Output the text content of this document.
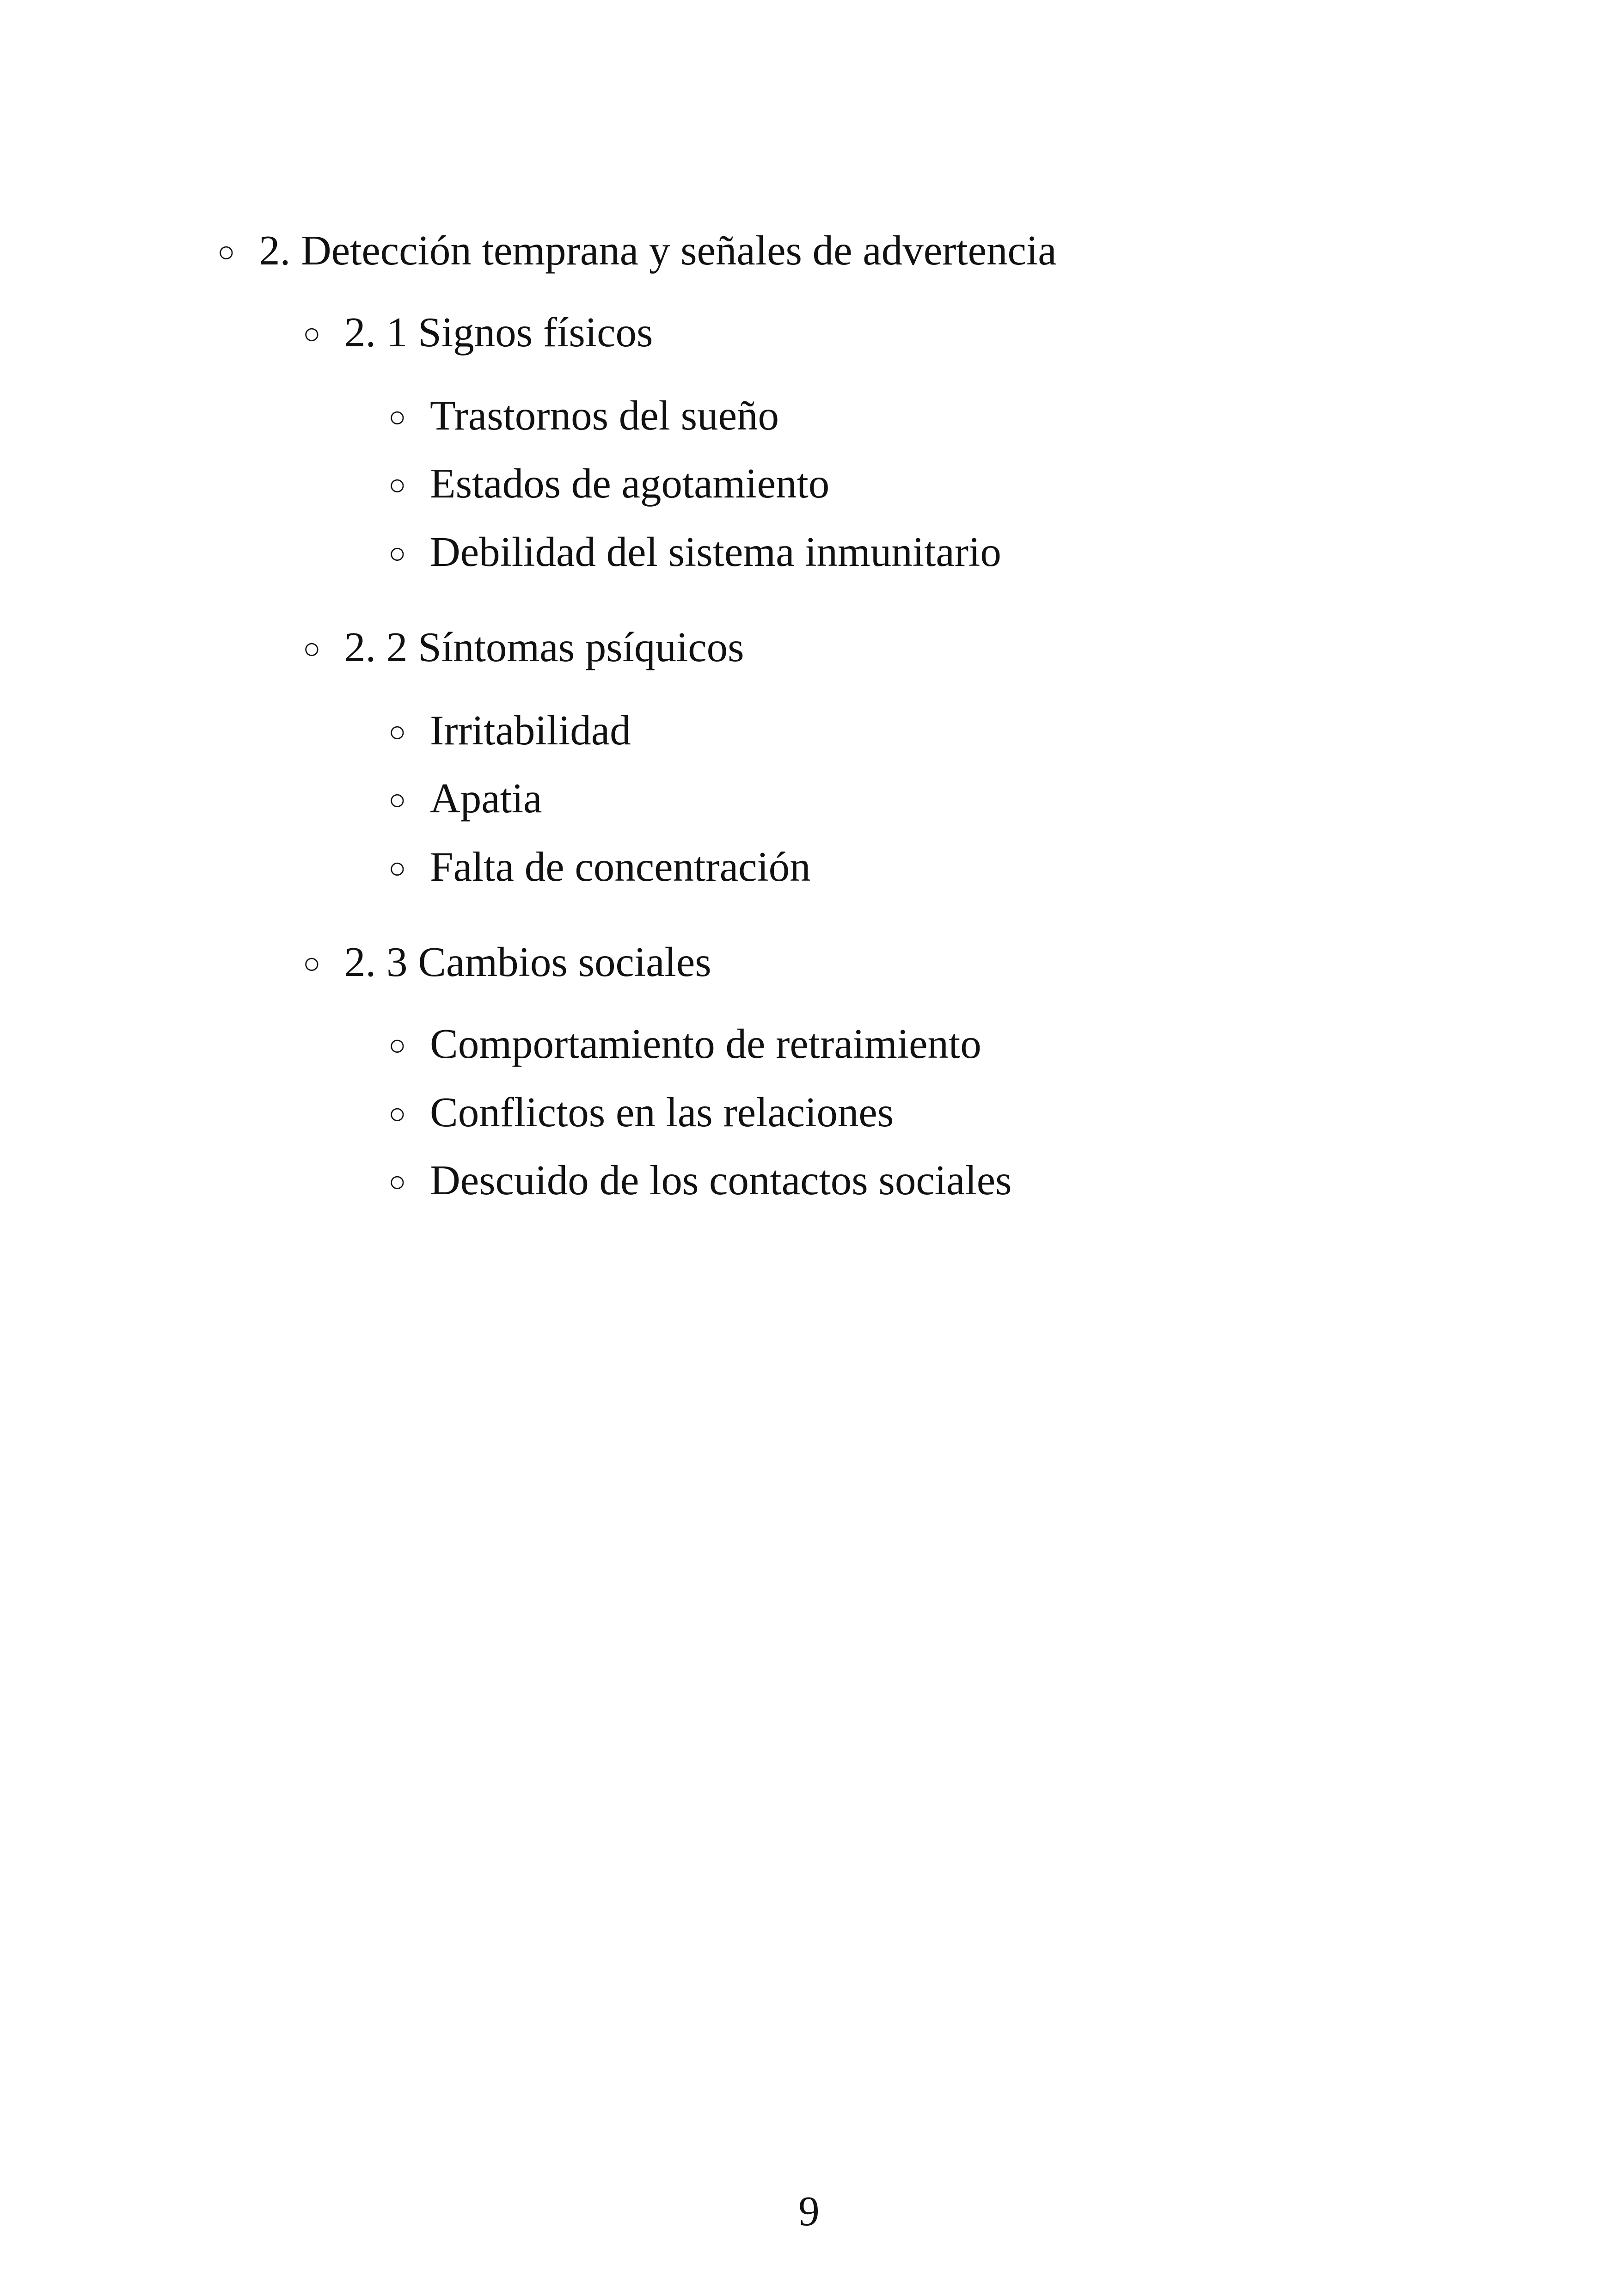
○ 2. Detección temprana y señales de advertencia

○ 2. 1 Signos físicos

○ Trastornos del sueño

○ Estados de agotamiento

○ Debilidad del sistema inmunitario

○ 2. 2 Síntomas psíquicos

○ Irritabilidad

○ Apatia

○ Falta de concentración

○ 2. 3 Cambios sociales

○ Comportamiento de retraimiento

○ Conflictos en las relaciones

○ Descuido de los contactos sociales

9
